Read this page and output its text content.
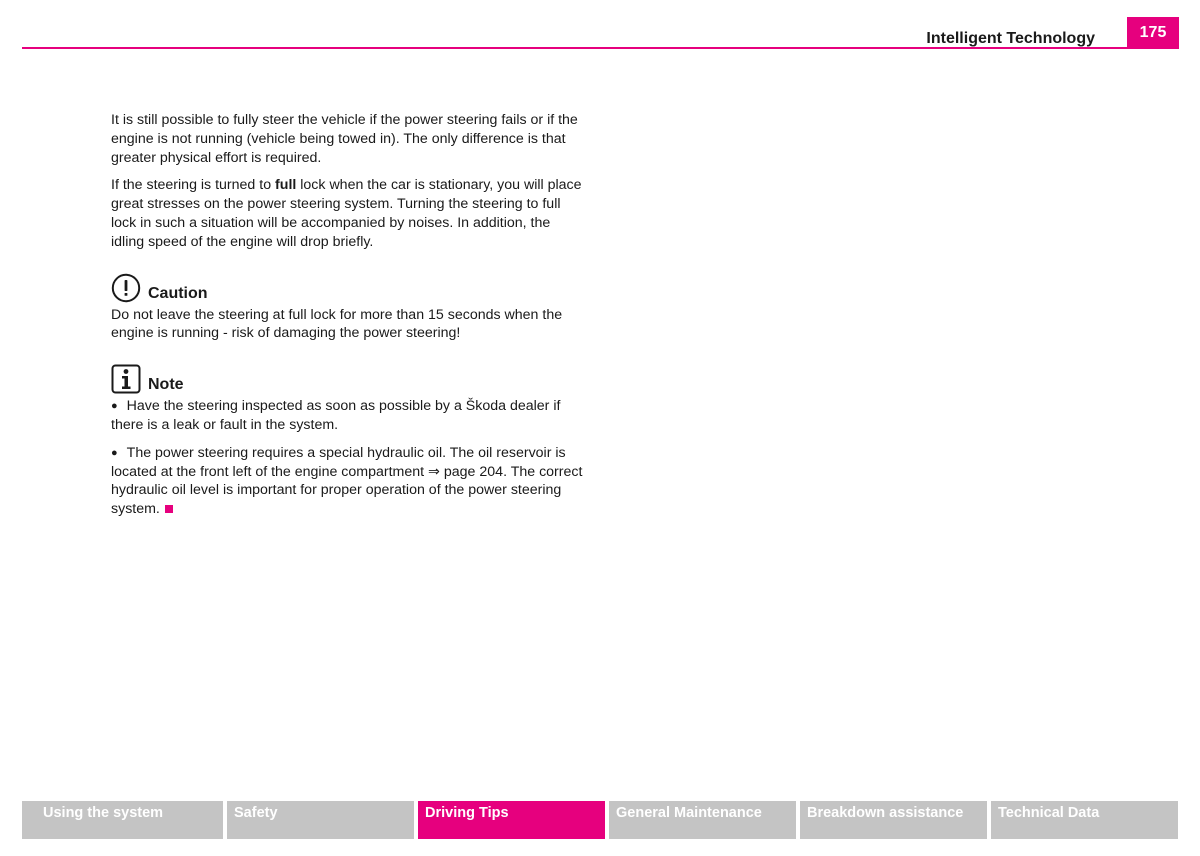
Intelligent Technology	175

It is still possible to fully steer the vehicle if the power steering fails or if the engine is not running (vehicle being towed in). The only difference is that greater physical effort is required.

If the steering is turned to full lock when the car is stationary, you will place great stresses on the power steering system. Turning the steering to full lock in such a situation will be accompanied by noises. In addition, the idling speed of the engine will drop briefly.

Caution

Do not leave the steering at full lock for more than 15 seconds when the engine is running - risk of damaging the power steering!

Note

● Have the steering inspected as soon as possible by a Škoda dealer if there is a leak or fault in the system.

● The power steering requires a special hydraulic oil. The oil reservoir is located at the front left of the engine compartment ⇒ page 204. The correct hydraulic oil level is important for proper operation of the power steering system.

Using the system	Safety	Driving Tips	General Maintenance	Breakdown assistance	Technical Data
